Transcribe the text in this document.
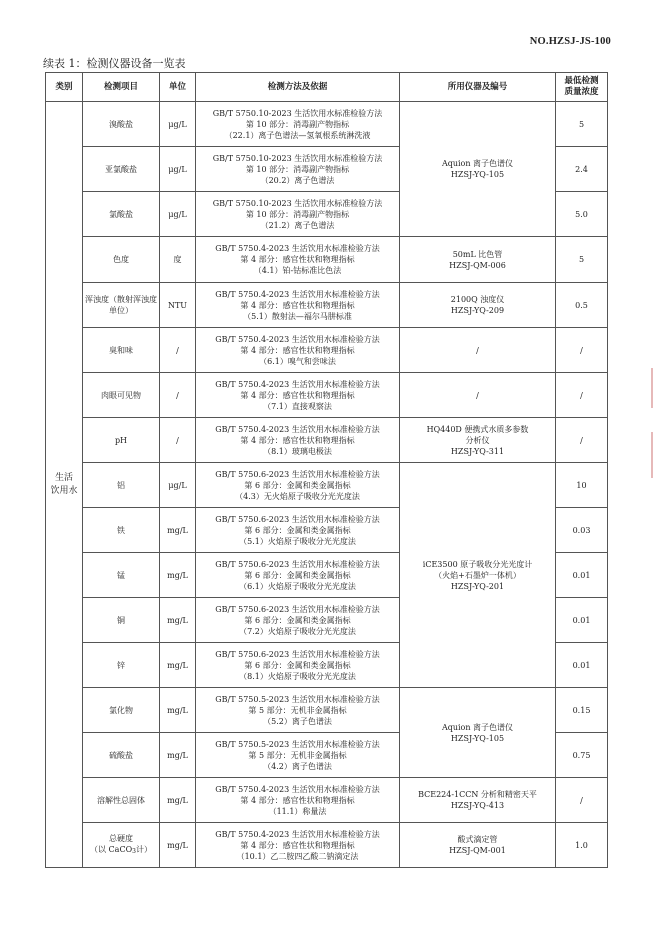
NO.HZSJ-JS-100
续表 1：检测仪器设备一览表
类别	检测项目	单位	检测方法及依据	所用仪器及编号	最低检测
质量浓度
生活
饮用水	溴酸盐	μg/L	GB/T 5750.10-2023 生活饮用水标准检验方法
第 10 部分：消毒副产物指标
（22.1）离子色谱法—氢氧根系统淋洗液	Aquion 离子色谱仪
HZSJ-YQ-105	5
	亚氯酸盐	μg/L	GB/T 5750.10-2023 生活饮用水标准检验方法
第 10 部分：消毒副产物指标
（20.2）离子色谱法		2.4
	氯酸盐	μg/L	GB/T 5750.10-2023 生活饮用水标准检验方法
第 10 部分：消毒副产物指标
（21.2）离子色谱法		5.0
	色度	度	GB/T 5750.4-2023 生活饮用水标准检验方法
第 4 部分：感官性状和物理指标
（4.1）铂-钴标准比色法	50mL 比色管
HZSJ-QM-006	5
	浑浊度（散射浑浊度单位）	NTU	GB/T 5750.4-2023 生活饮用水标准检验方法
第 4 部分：感官性状和物理指标
（5.1）散射法—福尔马肼标准	2100Q 浊度仪
HZSJ-YQ-209	0.5
	臭和味	/	GB/T 5750.4-2023 生活饮用水标准检验方法
第 4 部分：感官性状和物理指标
（6.1）嗅气和尝味法	/	/
	肉眼可见物	/	GB/T 5750.4-2023 生活饮用水标准检验方法
第 4 部分：感官性状和物理指标
（7.1）直接观察法	/	/
	pH	/	GB/T 5750.4-2023 生活饮用水标准检验方法
第 4 部分：感官性状和物理指标
（8.1）玻璃电极法	HQ440D 便携式水质多参数
分析仪
HZSJ-YQ-311	/
	铝	μg/L	GB/T 5750.6-2023 生活饮用水标准检验方法
第 6 部分：金属和类金属指标
（4.3）无火焰原子吸收分光光度法	iCE3500 原子吸收分光光度计
（火焰+石墨炉一体机）
HZSJ-YQ-201	10
	铁	mg/L	GB/T 5750.6-2023 生活饮用水标准检验方法
第 6 部分：金属和类金属指标
（5.1）火焰原子吸收分光光度法		0.03
	锰	mg/L	GB/T 5750.6-2023 生活饮用水标准检验方法
第 6 部分：金属和类金属指标
（6.1）火焰原子吸收分光光度法		0.01
	铜	mg/L	GB/T 5750.6-2023 生活饮用水标准检验方法
第 6 部分：金属和类金属指标
（7.2）火焰原子吸收分光光度法		0.01
	锌	mg/L	GB/T 5750.6-2023 生活饮用水标准检验方法
第 6 部分：金属和类金属指标
（8.1）火焰原子吸收分光光度法		0.01
	氯化物	mg/L	GB/T 5750.5-2023 生活饮用水标准检验方法
第 5 部分：无机非金属指标
（5.2）离子色谱法	Aquion 离子色谱仪
HZSJ-YQ-105	0.15
	硫酸盐	mg/L	GB/T 5750.5-2023 生活饮用水标准检验方法
第 5 部分：无机非金属指标
（4.2）离子色谱法		0.75
	溶解性总固体	mg/L	GB/T 5750.4-2023 生活饮用水标准检验方法
第 4 部分：感官性状和物理指标
（11.1）称量法	BCE224-1CCN 分析和精密天平
HZSJ-YQ-413	/
	总硬度
（以 CaCO$_3$计）	mg/L	GB/T 5750.4-2023 生活饮用水标准检验方法
第 4 部分：感官性状和物理指标
（10.1）乙二胺四乙酸二钠滴定法	酸式滴定管
HZSJ-QM-001	1.0
